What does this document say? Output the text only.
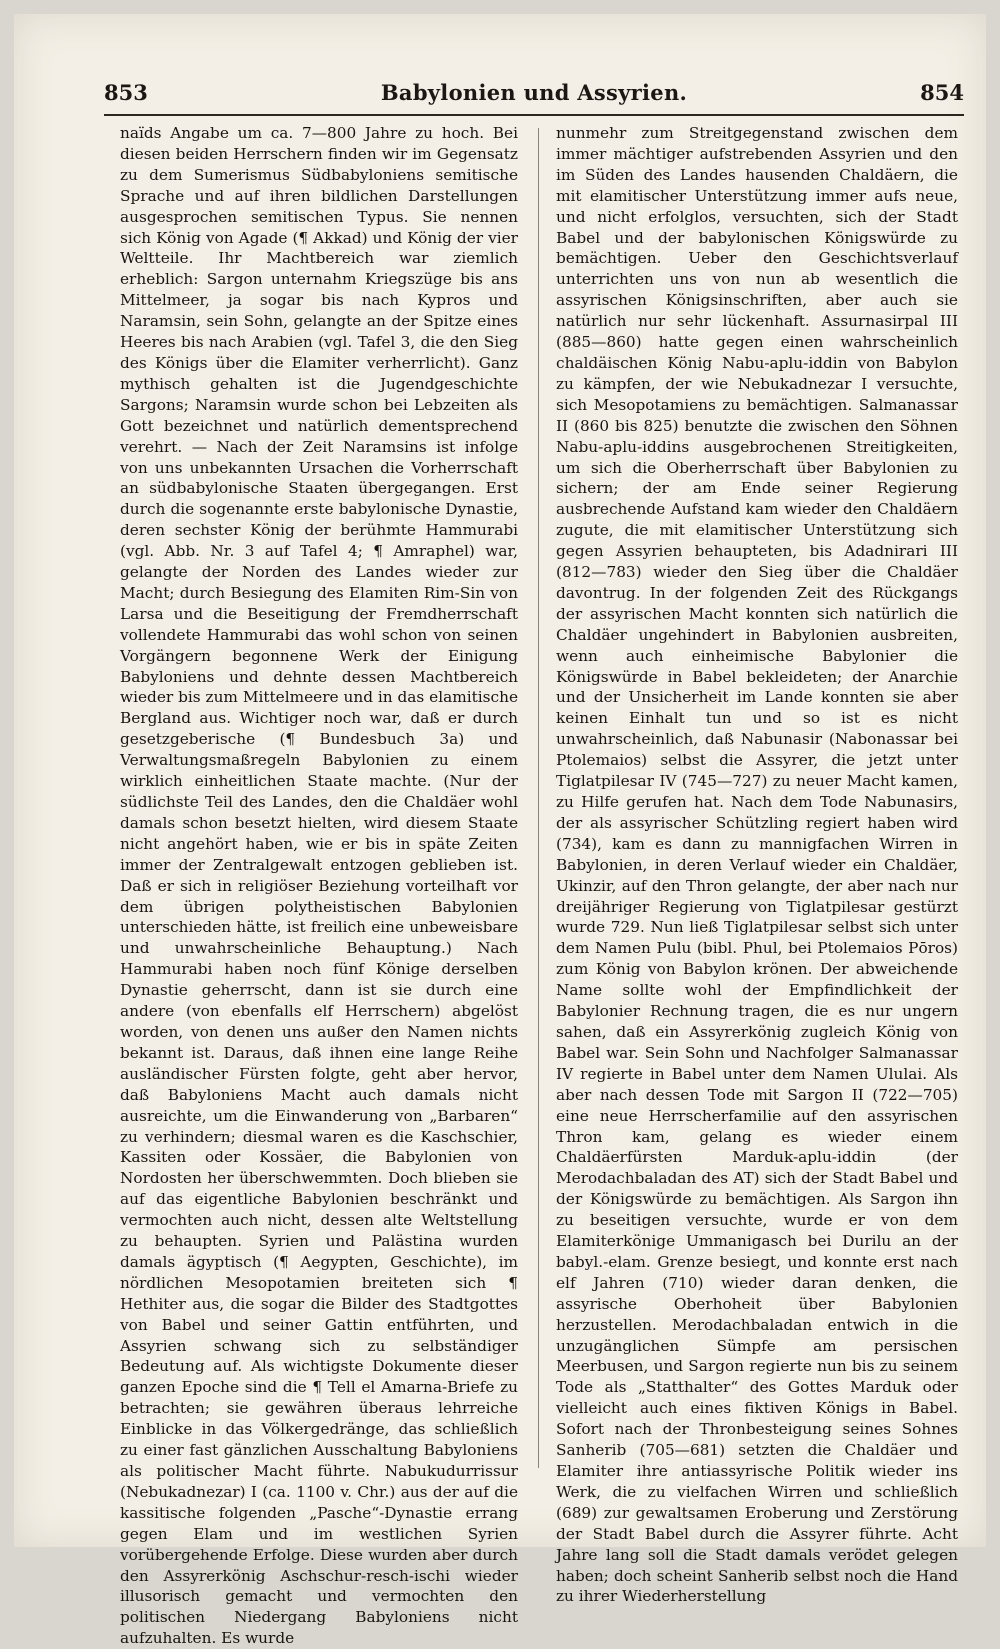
853	Babylonien und Assyrien.	854

naïds Angabe um ca. 7—800 Jahre zu hoch. Bei diesen beiden Herrschern finden wir im Gegensatz zu dem Sumerismus Südbabyloniens semitische Sprache und auf ihren bildlichen Darstellungen ausgesprochen semitischen Typus. Sie nennen sich König von Agade (¶ Akkad) und König der vier Weltteile. Ihr Machtbereich war ziemlich erheblich: Sargon unternahm Kriegszüge bis ans Mittelmeer, ja sogar bis nach Kypros und Naramsin, sein Sohn, gelangte an der Spitze eines Heeres bis nach Arabien (vgl. Tafel 3, die den Sieg des Königs über die Elamiter verherrlicht). Ganz mythisch gehalten ist die Jugendgeschichte Sargons; Naramsin wurde schon bei Lebzeiten als Gott bezeichnet und natürlich dementsprechend verehrt. — Nach der Zeit Naramsins ist infolge von uns unbekannten Ursachen die Vorherrschaft an südbabylonische Staaten übergegangen. Erst durch die sogenannte erste babylonische Dynastie, deren sechster König der berühmte Hammurabi (vgl. Abb. Nr. 3 auf Tafel 4; ¶ Amraphel) war, gelangte der Norden des Landes wieder zur Macht; durch Besiegung des Elamiten Rim-Sin von Larsa und die Beseitigung der Fremdherrschaft vollendete Hammurabi das wohl schon von seinen Vorgängern begonnene Werk der Einigung Babyloniens und dehnte dessen Machtbereich wieder bis zum Mittelmeere und in das elamitische Bergland aus. Wichtiger noch war, daß er durch gesetzgeberische (¶ Bundesbuch 3a) und Verwaltungsmaßregeln Babylonien zu einem wirklich einheitlichen Staate machte. (Nur der südlichste Teil des Landes, den die Chaldäer wohl damals schon besetzt hielten, wird diesem Staate nicht angehört haben, wie er bis in späte Zeiten immer der Zentralgewalt entzogen geblieben ist. Daß er sich in religiöser Beziehung vorteilhaft vor dem übrigen polytheistischen Babylonien unterschieden hätte, ist freilich eine unbeweisbare und unwahrscheinliche Behauptung.) Nach Hammurabi haben noch fünf Könige derselben Dynastie geherrscht, dann ist sie durch eine andere (von ebenfalls elf Herrschern) abgelöst worden, von denen uns außer den Namen nichts bekannt ist. Daraus, daß ihnen eine lange Reihe ausländischer Fürsten folgte, geht aber hervor, daß Babyloniens Macht auch damals nicht ausreichte, um die Einwanderung von „Barbaren“ zu verhindern; diesmal waren es die Kaschschier, Kassiten oder Kossäer, die Babylonien von Nordosten her überschwemmten. Doch blieben sie auf das eigentliche Babylonien beschränkt und vermochten auch nicht, dessen alte Weltstellung zu behaupten. Syrien und Palästina wurden damals ägyptisch (¶ Aegypten, Geschichte), im nördlichen Mesopotamien breiteten sich ¶ Hethiter aus, die sogar die Bilder des Stadtgottes von Babel und seiner Gattin entführten, und Assyrien schwang sich zu selbständiger Bedeutung auf. Als wichtigste Dokumente dieser ganzen Epoche sind die ¶ Tell el Amarna-Briefe zu betrachten; sie gewähren überaus lehrreiche Einblicke in das Völkergedränge, das schließlich zu einer fast gänzlichen Ausschaltung Babyloniens als politischer Macht führte. Nabukudurrissur (Nebukadnezar) I (ca. 1100 v. Chr.) aus der auf die kassitische folgenden „Pasche“-Dynastie errang gegen Elam und im westlichen Syrien vorübergehende Erfolge. Diese wurden aber durch den Assyrerkönig Aschschur-resch-ischi wieder illusorisch gemacht und vermochten den politischen Niedergang Babyloniens nicht aufzuhalten. Es wurde

nunmehr zum Streitgegenstand zwischen dem immer mächtiger aufstrebenden Assyrien und den im Süden des Landes hausenden Chaldäern, die mit elamitischer Unterstützung immer aufs neue, und nicht erfolglos, versuchten, sich der Stadt Babel und der babylonischen Königswürde zu bemächtigen. Ueber den Geschichtsverlauf unterrichten uns von nun ab wesentlich die assyrischen Königsinschriften, aber auch sie natürlich nur sehr lückenhaft. Assurnasirpal III (885—860) hatte gegen einen wahrscheinlich chaldäischen König Nabu-aplu-iddin von Babylon zu kämpfen, der wie Nebukadnezar I versuchte, sich Mesopotamiens zu bemächtigen. Salmanassar II (860 bis 825) benutzte die zwischen den Söhnen Nabu-aplu-iddins ausgebrochenen Streitigkeiten, um sich die Oberherrschaft über Babylonien zu sichern; der am Ende seiner Regierung ausbrechende Aufstand kam wieder den Chaldäern zugute, die mit elamitischer Unterstützung sich gegen Assyrien behaupteten, bis Adadnirari III (812—783) wieder den Sieg über die Chaldäer davontrug. In der folgenden Zeit des Rückgangs der assyrischen Macht konnten sich natürlich die Chaldäer ungehindert in Babylonien ausbreiten, wenn auch einheimische Babylonier die Königswürde in Babel bekleideten; der Anarchie und der Unsicherheit im Lande konnten sie aber keinen Einhalt tun und so ist es nicht unwahrscheinlich, daß Nabunasir (Nabonassar bei Ptolemaios) selbst die Assyrer, die jetzt unter Tiglatpilesar IV (745—727) zu neuer Macht kamen, zu Hilfe gerufen hat. Nach dem Tode Nabunasirs, der als assyrischer Schützling regiert haben wird (734), kam es dann zu mannigfachen Wirren in Babylonien, in deren Verlauf wieder ein Chaldäer, Ukinzir, auf den Thron gelangte, der aber nach nur dreijähriger Regierung von Tiglatpilesar gestürzt wurde 729. Nun ließ Tiglatpilesar selbst sich unter dem Namen Pulu (bibl. Phul, bei Ptolemaios Pōros) zum König von Babylon krönen. Der abweichende Name sollte wohl der Empfindlichkeit der Babylonier Rechnung tragen, die es nur ungern sahen, daß ein Assyrerkönig zugleich König von Babel war. Sein Sohn und Nachfolger Salmanassar IV regierte in Babel unter dem Namen Ululai. Als aber nach dessen Tode mit Sargon II (722—705) eine neue Herrscherfamilie auf den assyrischen Thron kam, gelang es wieder einem Chaldäerfürsten Marduk-aplu-iddin (der Merodachbaladan des AT) sich der Stadt Babel und der Königswürde zu bemächtigen. Als Sargon ihn zu beseitigen versuchte, wurde er von dem Elamiterkönige Ummanigasch bei Durilu an der babyl.-elam. Grenze besiegt, und konnte erst nach elf Jahren (710) wieder daran denken, die assyrische Oberhoheit über Babylonien herzustellen. Merodachbaladan entwich in die unzugänglichen Sümpfe am persischen Meerbusen, und Sargon regierte nun bis zu seinem Tode als „Statthalter“ des Gottes Marduk oder vielleicht auch eines fiktiven Königs in Babel. Sofort nach der Thronbesteigung seines Sohnes Sanherib (705—681) setzten die Chaldäer und Elamiter ihre antiassyrische Politik wieder ins Werk, die zu vielfachen Wirren und schließlich (689) zur gewaltsamen Eroberung und Zerstörung der Stadt Babel durch die Assyrer führte. Acht Jahre lang soll die Stadt damals verödet gelegen haben; doch scheint Sanherib selbst noch die Hand zu ihrer Wiederherstellung
